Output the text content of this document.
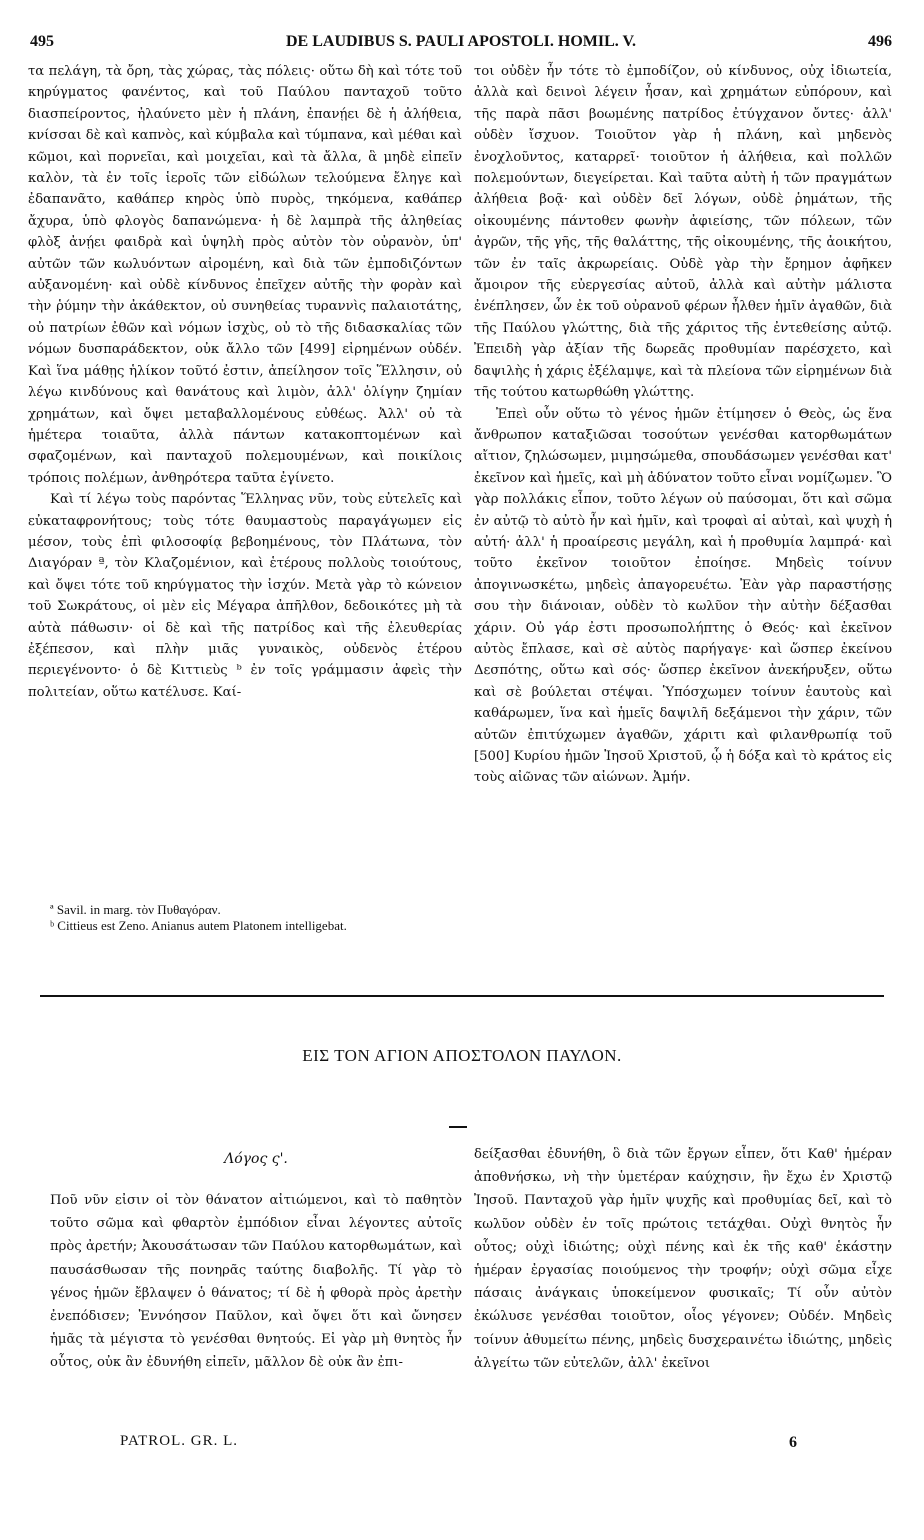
495	DE LAUDIBUS S. PAULI APOSTOLI. HOMIL. V.	496

τα πελάγη, τὰ ὄρη, τὰς χώρας, τὰς πόλεις· οὕτω δὴ καὶ τότε τοῦ κηρύγματος φανέντος, καὶ τοῦ Παύλου πανταχοῦ τοῦτο διασπείροντος, ἠλαύνετο μὲν ἡ πλάνη, ἐπανῄει δὲ ἡ ἀλήθεια, κνίσσαι δὲ καὶ καπνὸς, καὶ κύμβαλα καὶ τύμπανα, καὶ μέθαι καὶ κῶμοι, καὶ πορνεῖαι, καὶ μοιχεῖαι, καὶ τὰ ἄλλα, ἃ μηδὲ εἰπεῖν καλὸν, τὰ ἐν τοῖς ἱεροῖς τῶν εἰδώλων τελούμενα ἔληγε καὶ ἐδαπανᾶτο, καθάπερ κηρὸς ὑπὸ πυρὸς, τηκόμενα, καθάπερ ἄχυρα, ὑπὸ φλογὸς δαπανώμενα· ἡ δὲ λαμπρὰ τῆς ἀληθείας φλὸξ ἀνῄει φαιδρὰ καὶ ὑψηλὴ πρὸς αὐτὸν τὸν οὐρανὸν, ὑπ' αὐτῶν τῶν κωλυόντων αἰρομένη, καὶ διὰ τῶν ἐμποδιζόντων αὐξανομένη· καὶ οὐδὲ κίνδυνος ἐπεῖχεν αὐτῆς τὴν φορὰν καὶ τὴν ῥύμην τὴν ἀκάθεκτον, οὐ συνηθείας τυραννὶς παλαιοτάτης, οὐ πατρίων ἐθῶν καὶ νόμων ἰσχὺς, οὐ τὸ τῆς διδασκαλίας τῶν νόμων δυσπαράδεκτον, οὐκ ἄλλο τῶν [499] εἰρημένων οὐδέν. Καὶ ἵνα μάθῃς ἡλίκον τοῦτό ἐστιν, ἀπείλησον τοῖς Ἕλλησιν, οὐ λέγω κινδύνους καὶ θανάτους καὶ λιμὸν, ἀλλ' ὀλίγην ζημίαν χρημάτων, καὶ ὄψει μεταβαλλομένους εὐθέως. Ἀλλ' οὐ τὰ ἡμέτερα τοιαῦτα, ἀλλὰ πάντων κατακοπτομένων καὶ σφαζομένων, καὶ πανταχοῦ πολεμουμένων, καὶ ποικίλοις τρόποις πολέμων, ἀνθηρότερα ταῦτα ἐγίνετο.

Καὶ τί λέγω τοὺς παρόντας Ἕλληνας νῦν, τοὺς εὐτελεῖς καὶ εὐκαταφρονήτους; τοὺς τότε θαυμαστοὺς παραγάγωμεν εἰς μέσον, τοὺς ἐπὶ φιλοσοφίᾳ βεβοημένους, τὸν Πλάτωνα, τὸν Διαγόραν ª, τὸν Κλαζομένιον, καὶ ἑτέρους πολλοὺς τοιούτους, καὶ ὄψει τότε τοῦ κηρύγματος τὴν ἰσχύν. Μετὰ γὰρ τὸ κώνειον τοῦ Σωκράτους, οἱ μὲν εἰς Μέγαρα ἀπῆλθον, δεδοικότες μὴ τὰ αὐτὰ πάθωσιν· οἱ δὲ καὶ τῆς πατρίδος καὶ τῆς ἐλευθερίας ἐξέπεσον, καὶ πλὴν μιᾶς γυναικὸς, οὐδενὸς ἑτέρου περιεγένοντο· ὁ δὲ Κιττιεὺς ᵇ ἐν τοῖς γράμμασιν ἀφεὶς τὴν πολιτείαν, οὕτω κατέλυσε. Καί-

τοι οὐδὲν ἦν τότε τὸ ἐμποδίζον, οὐ κίνδυνος, οὐχ ἰδιωτεία, ἀλλὰ καὶ δεινοὶ λέγειν ἦσαν, καὶ χρημάτων εὐπόρουν, καὶ τῆς παρὰ πᾶσι βοωμένης πατρίδος ἐτύγχανον ὄντες· ἀλλ' οὐδὲν ἴσχυον. Τοιοῦτον γὰρ ἡ πλάνη, καὶ μηδενὸς ἐνοχλοῦντος, καταρρεῖ· τοιοῦτον ἡ ἀλήθεια, καὶ πολλῶν πολεμούντων, διεγείρεται. Καὶ ταῦτα αὐτὴ ἡ τῶν πραγμάτων ἀλήθεια βοᾷ· καὶ οὐδὲν δεῖ λόγων, οὐδὲ ῥημάτων, τῆς οἰκουμένης πάντοθεν φωνὴν ἀφιείσης, τῶν πόλεων, τῶν ἀγρῶν, τῆς γῆς, τῆς θαλάττης, τῆς οἰκουμένης, τῆς ἀοικήτου, τῶν ἐν ταῖς ἀκρωρείαις. Οὐδὲ γὰρ τὴν ἔρημον ἀφῆκεν ἄμοιρον τῆς εὐεργεσίας αὐτοῦ, ἀλλὰ καὶ αὐτὴν μάλιστα ἐνέπλησεν, ὧν ἐκ τοῦ οὐρανοῦ φέρων ἦλθεν ἡμῖν ἀγαθῶν, διὰ τῆς Παύλου γλώττης, διὰ τῆς χάριτος τῆς ἐντεθείσης αὐτῷ. Ἐπειδὴ γὰρ ἀξίαν τῆς δωρεᾶς προθυμίαν παρέσχετο, καὶ δαψιλὴς ἡ χάρις ἐξέλαμψε, καὶ τὰ πλείονα τῶν εἰρημένων διὰ τῆς τούτου κατωρθώθη γλώττης.

Ἐπεὶ οὖν οὕτω τὸ γένος ἡμῶν ἐτίμησεν ὁ Θεὸς, ὡς ἕνα ἄνθρωπον καταξιῶσαι τοσούτων γενέσθαι κατορθωμάτων αἴτιον, ζηλώσωμεν, μιμησώμεθα, σπουδάσωμεν γενέσθαι κατ' ἐκεῖνον καὶ ἡμεῖς, καὶ μὴ ἀδύνατον τοῦτο εἶναι νομίζωμεν. Ὃ γὰρ πολλάκις εἶπον, τοῦτο λέγων οὐ παύσομαι, ὅτι καὶ σῶμα ἐν αὐτῷ τὸ αὐτὸ ἦν καὶ ἡμῖν, καὶ τροφαὶ αἱ αὐταὶ, καὶ ψυχὴ ἡ αὐτή· ἀλλ' ἡ προαίρεσις μεγάλη, καὶ ἡ προθυμία λαμπρά· καὶ τοῦτο ἐκεῖνον τοιοῦτον ἐποίησε. Μηδεὶς τοίνυν ἀπογινωσκέτω, μηδεὶς ἀπαγορευέτω. Ἐὰν γὰρ παραστήσῃς σου τὴν διάνοιαν, οὐδὲν τὸ κωλῦον τὴν αὐτὴν δέξασθαι χάριν. Οὐ γάρ ἐστι προσωπολήπτης ὁ Θεός· καὶ ἐκεῖνον αὐτὸς ἔπλασε, καὶ σὲ αὐτὸς παρήγαγε· καὶ ὥσπερ ἐκείνου Δεσπότης, οὕτω καὶ σός· ὥσπερ ἐκεῖνον ἀνεκήρυξεν, οὕτω καὶ σὲ βούλεται στέψαι. Ὑπόσχωμεν τοίνυν ἑαυτοὺς καὶ καθάρωμεν, ἵνα καὶ ἡμεῖς δαψιλῆ δεξάμενοι τὴν χάριν, τῶν αὐτῶν ἐπιτύχωμεν ἀγαθῶν, χάριτι καὶ φιλανθρωπίᾳ τοῦ [500] Κυρίου ἡμῶν Ἰησοῦ Χριστοῦ, ᾧ ἡ δόξα καὶ τὸ κράτος εἰς τοὺς αἰῶνας τῶν αἰώνων. Ἀμήν.

ª Savil. in marg. τὸν Πυθαγόραν.

ᵇ Cittieus est Zeno. Anianus autem Platonem intelligebat.

ΕΙΣ ΤΟΝ ΑΓΙΟΝ ΑΠΟΣΤΟΛΟΝ ΠΑΥΛΟΝ.
Λόγος ς'.

Ποῦ νῦν εἰσιν οἱ τὸν θάνατον αἰτιώμενοι, καὶ τὸ παθητὸν τοῦτο σῶμα καὶ φθαρτὸν ἐμπόδιον εἶναι λέγοντες αὐτοῖς πρὸς ἀρετήν; Ἀκουσάτωσαν τῶν Παύλου κατορθωμάτων, καὶ παυσάσθωσαν τῆς πονηρᾶς ταύτης διαβολῆς. Τί γὰρ τὸ γένος ἡμῶν ἔβλαψεν ὁ θάνατος; τί δὲ ἡ φθορὰ πρὸς ἀρετὴν ἐνεπόδισεν; Ἐννόησον Παῦλον, καὶ ὄψει ὅτι καὶ ὤνησεν ἡμᾶς τὰ μέγιστα τὸ γενέσθαι θνητούς. Εἰ γὰρ μὴ θνητὸς ἦν οὗτος, οὐκ ἂν ἐδυνήθη εἰπεῖν, μᾶλλον δὲ οὐκ ἂν ἐπι-

δείξασθαι ἐδυνήθη, ὃ διὰ τῶν ἔργων εἶπεν, ὅτι Καθ' ἡμέραν ἀποθνήσκω, νὴ τὴν ὑμετέραν καύχησιν, ἣν ἔχω ἐν Χριστῷ Ἰησοῦ. Πανταχοῦ γὰρ ἡμῖν ψυχῆς καὶ προθυμίας δεῖ, καὶ τὸ κωλῦον οὐδὲν ἐν τοῖς πρώτοις τετάχθαι. Οὐχὶ θνητὸς ἦν οὗτος; οὐχὶ ἰδιώτης; οὐχὶ πένης καὶ ἐκ τῆς καθ' ἑκάστην ἡμέραν ἐργασίας ποιούμενος τὴν τροφήν; οὐχὶ σῶμα εἶχε πάσαις ἀνάγκαις ὑποκείμενον φυσικαῖς; Τί οὖν αὐτὸν ἐκώλυσε γενέσθαι τοιοῦτον, οἷος γέγονεν; Οὐδέν. Μηδεὶς τοίνυν ἀθυμείτω πένης, μηδεὶς δυσχεραινέτω ἰδιώτης, μηδεὶς ἀλγείτω τῶν εὐτελῶν, ἀλλ' ἐκεῖνοι

PATROL. GR. L.	6
